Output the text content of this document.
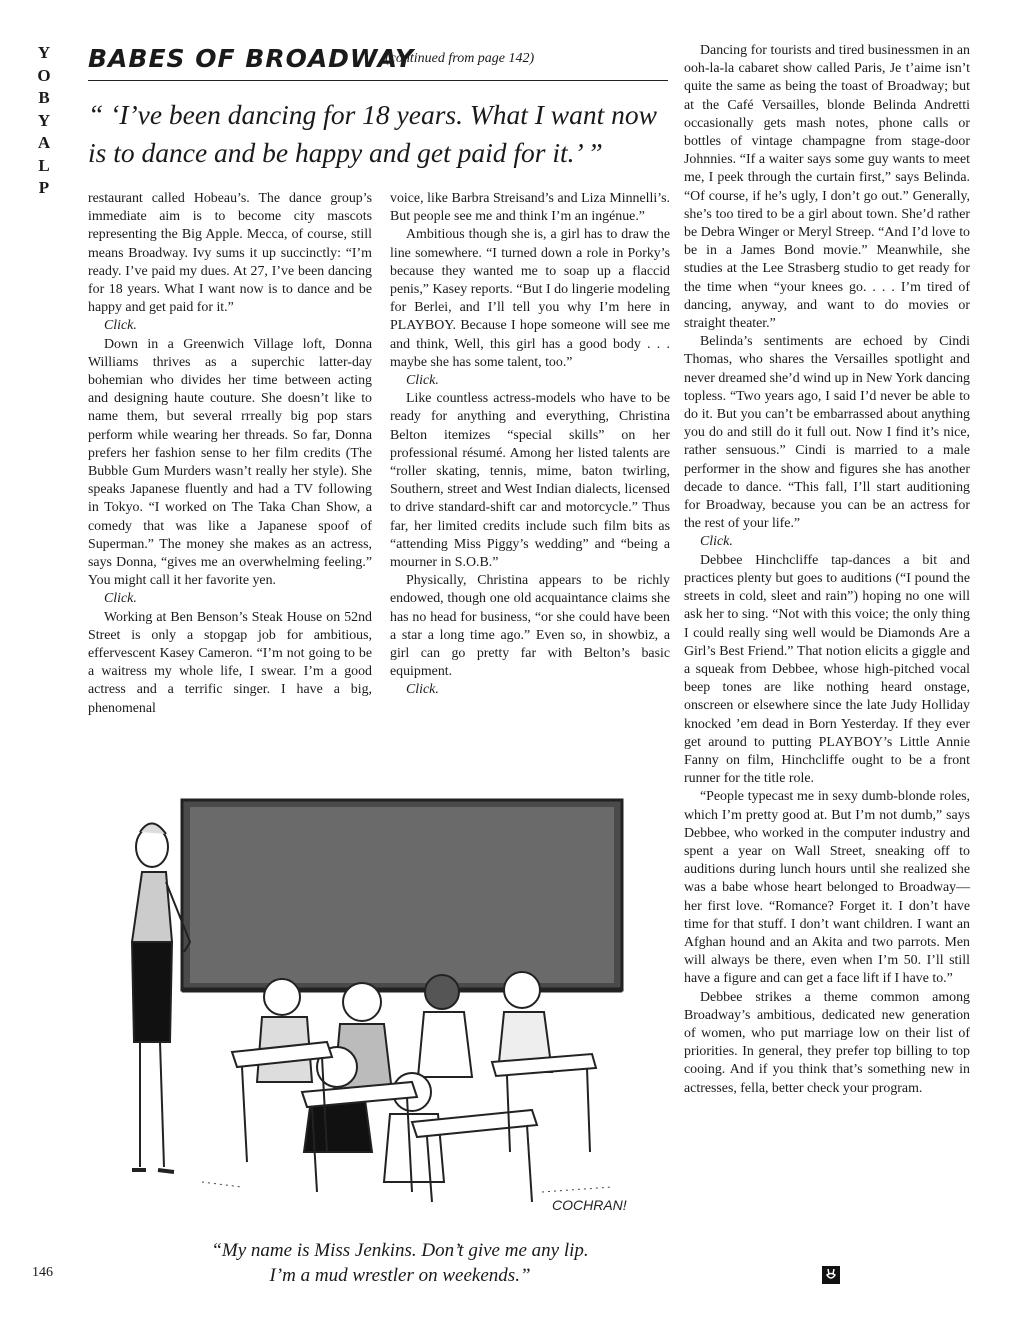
Y
O
B
Y
A
L
P
BABES OF BROADWAY
(continued from page 142)
“ ‘I’ve been dancing for 18 years. What I want now is to dance and be happy and get paid for it.’ ”

restaurant called Hobeau’s. The dance group’s immediate aim is to become city mascots representing the Big Apple. Mecca, of course, still means Broadway. Ivy sums it up succinctly: “I’m ready. I’ve paid my dues. At 27, I’ve been dancing for 18 years. What I want now is to dance and be happy and get paid for it.”

Click.

Down in a Greenwich Village loft, Donna Williams thrives as a superchic latter-day bohemian who divides her time between acting and designing haute couture. She doesn’t like to name them, but several rrreally big pop stars perform while wearing her threads. So far, Donna prefers her fashion sense to her film credits (The Bubble Gum Murders wasn’t really her style). She speaks Japanese fluently and had a TV following in Tokyo. “I worked on The Taka Chan Show, a comedy that was like a Japanese spoof of Superman.” The money she makes as an actress, says Donna, “gives me an overwhelming feeling.” You might call it her favorite yen.

Click.

Working at Ben Benson’s Steak House on 52nd Street is only a stopgap job for ambitious, effervescent Kasey Cameron. “I’m not going to be a waitress my whole life, I swear. I’m a good actress and a terrific singer. I have a big, phenomenal

voice, like Barbra Streisand’s and Liza Minnelli’s. But people see me and think I’m an ingénue.”

Ambitious though she is, a girl has to draw the line somewhere. “I turned down a role in Porky’s because they wanted me to soap up a flaccid penis,” Kasey reports. “But I do lingerie modeling for Berlei, and I’ll tell you why I’m here in PLAYBOY. Because I hope someone will see me and think, Well, this girl has a good body . . . maybe she has some talent, too.”

Click.

Like countless actress-models who have to be ready for anything and everything, Christina Belton itemizes “special skills” on her professional résumé. Among her listed talents are “roller skating, tennis, mime, baton twirling, Southern, street and West Indian dialects, licensed to drive standard-shift car and motorcycle.” Thus far, her limited credits include such film bits as “attending Miss Piggy’s wedding” and “being a mourner in S.O.B.”

Physically, Christina appears to be richly endowed, though one old acquaintance claims she has no head for business, “or she could have been a star a long time ago.” Even so, in showbiz, a girl can go pretty far with Belton’s basic equipment.

Click.

Dancing for tourists and tired businessmen in an ooh-la-la cabaret show called Paris, Je t’aime isn’t quite the same as being the toast of Broadway; but at the Café Versailles, blonde Belinda Andretti occasionally gets mash notes, phone calls or bottles of vintage champagne from stage-door Johnnies. “If a waiter says some guy wants to meet me, I peek through the curtain first,” says Belinda. “Of course, if he’s ugly, I don’t go out.” Generally, she’s too tired to be a girl about town. She’d rather be Debra Winger or Meryl Streep. “And I’d love to be in a James Bond movie.” Meanwhile, she studies at the Lee Strasberg studio to get ready for the time when “your knees go. . . . I’m tired of dancing, anyway, and want to do movies or straight theater.”

Belinda’s sentiments are echoed by Cindi Thomas, who shares the Versailles spotlight and never dreamed she’d wind up in New York dancing topless. “Two years ago, I said I’d never be able to do it. But you can’t be embarrassed about anything you do and still do it full out. Now I find it’s nice, rather sensuous.” Cindi is married to a male performer in the show and figures she has another decade to dance. “This fall, I’ll start auditioning for Broadway, because you can be an actress for the rest of your life.”

Click.

Debbee Hinchcliffe tap-dances a bit and practices plenty but goes to auditions (“I pound the streets in cold, sleet and rain”) hoping no one will ask her to sing. “Not with this voice; the only thing I could really sing well would be Diamonds Are a Girl’s Best Friend.” That notion elicits a giggle and a squeak from Debbee, whose high-pitched vocal beep tones are like nothing heard onstage, onscreen or elsewhere since the late Judy Holliday knocked ’em dead in Born Yesterday. If they ever get around to putting PLAYBOY’s Little Annie Fanny on film, Hinchcliffe ought to be a front runner for the title role.

“People typecast me in sexy dumb-blonde roles, which I’m pretty good at. But I’m not dumb,” says Debbee, who worked in the computer industry and spent a year on Wall Street, sneaking off to auditions during lunch hours until she realized she was a babe whose heart belonged to Broadway—her first love. “Romance? Forget it. I don’t have time for that stuff. I don’t want children. I want an Afghan hound and an Akita and two parrots. Men will always be there, even when I’m 50. I’ll still have a figure and can get a face lift if I have to.”

Debbee strikes a theme common among Broadway’s ambitious, dedicated new generation of women, who put marriage low on their list of priorities. In general, they prefer top billing to top cooing. And if you think that’s something new in actresses, fella, better check your program.

COCHRAN!
“My name is Miss Jenkins. Don’t give me any lip.
I’m a mud wrestler on weekends.”
146
